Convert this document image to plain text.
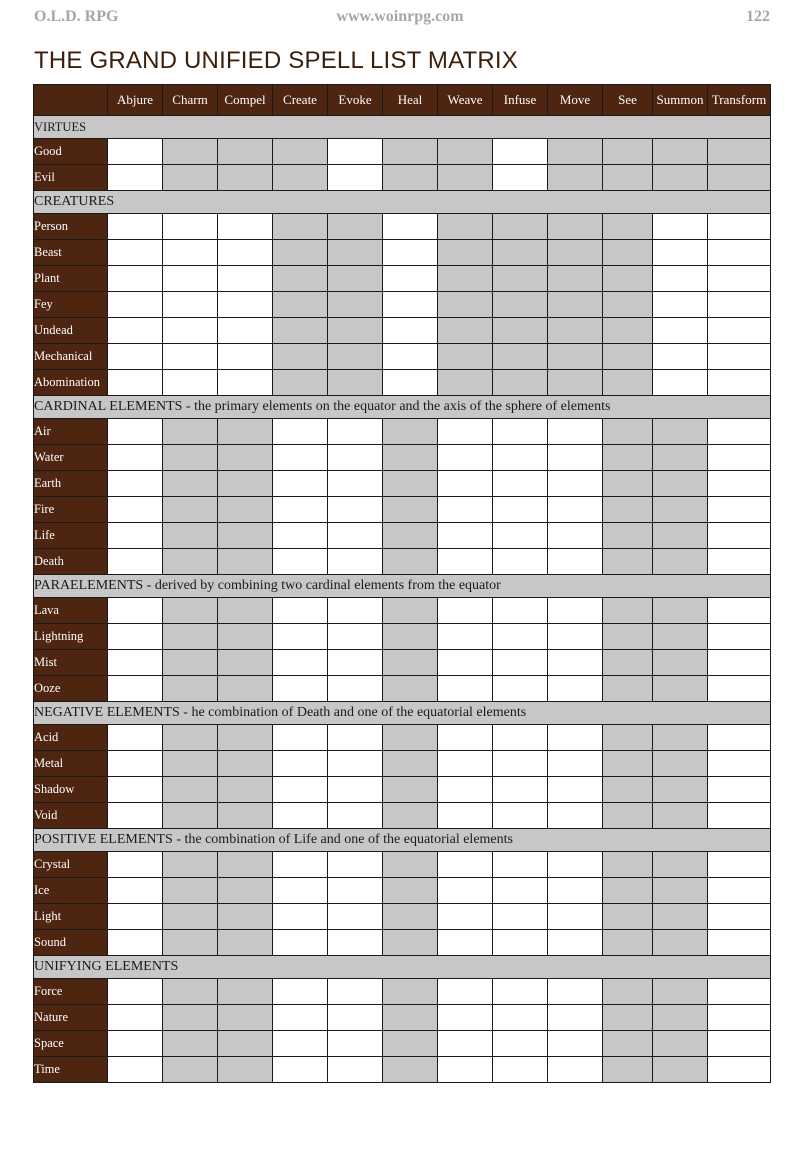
O.L.D. RPG	www.woinrpg.com	122
THE GRAND UNIFIED SPELL LIST MATRIX
	Abjure	Charm	Compel	Create	Evoke	Heal	Weave	Infuse	Move	See	Summon	Transform
VIRTUES												
Good												
Evil												
CREATURES												
Person												
Beast												
Plant												
Fey												
Undead												
Mechanical												
Abomination												
CARDINAL ELEMENTS - the primary elements on the equator and the axis of the sphere of elements												
Air												
Water												
Earth												
Fire												
Life												
Death												
PARAELEMENTS - derived by combining two cardinal elements from the equator												
Lava												
Lightning												
Mist												
Ooze												
NEGATIVE ELEMENTS - he combination of Death and one of the equatorial elements												
Acid												
Metal												
Shadow												
Void												
POSITIVE ELEMENTS - the combination of Life and one of the equatorial elements												
Crystal												
Ice												
Light												
Sound												
UNIFYING ELEMENTS												
Force												
Nature												
Space												
Time												
